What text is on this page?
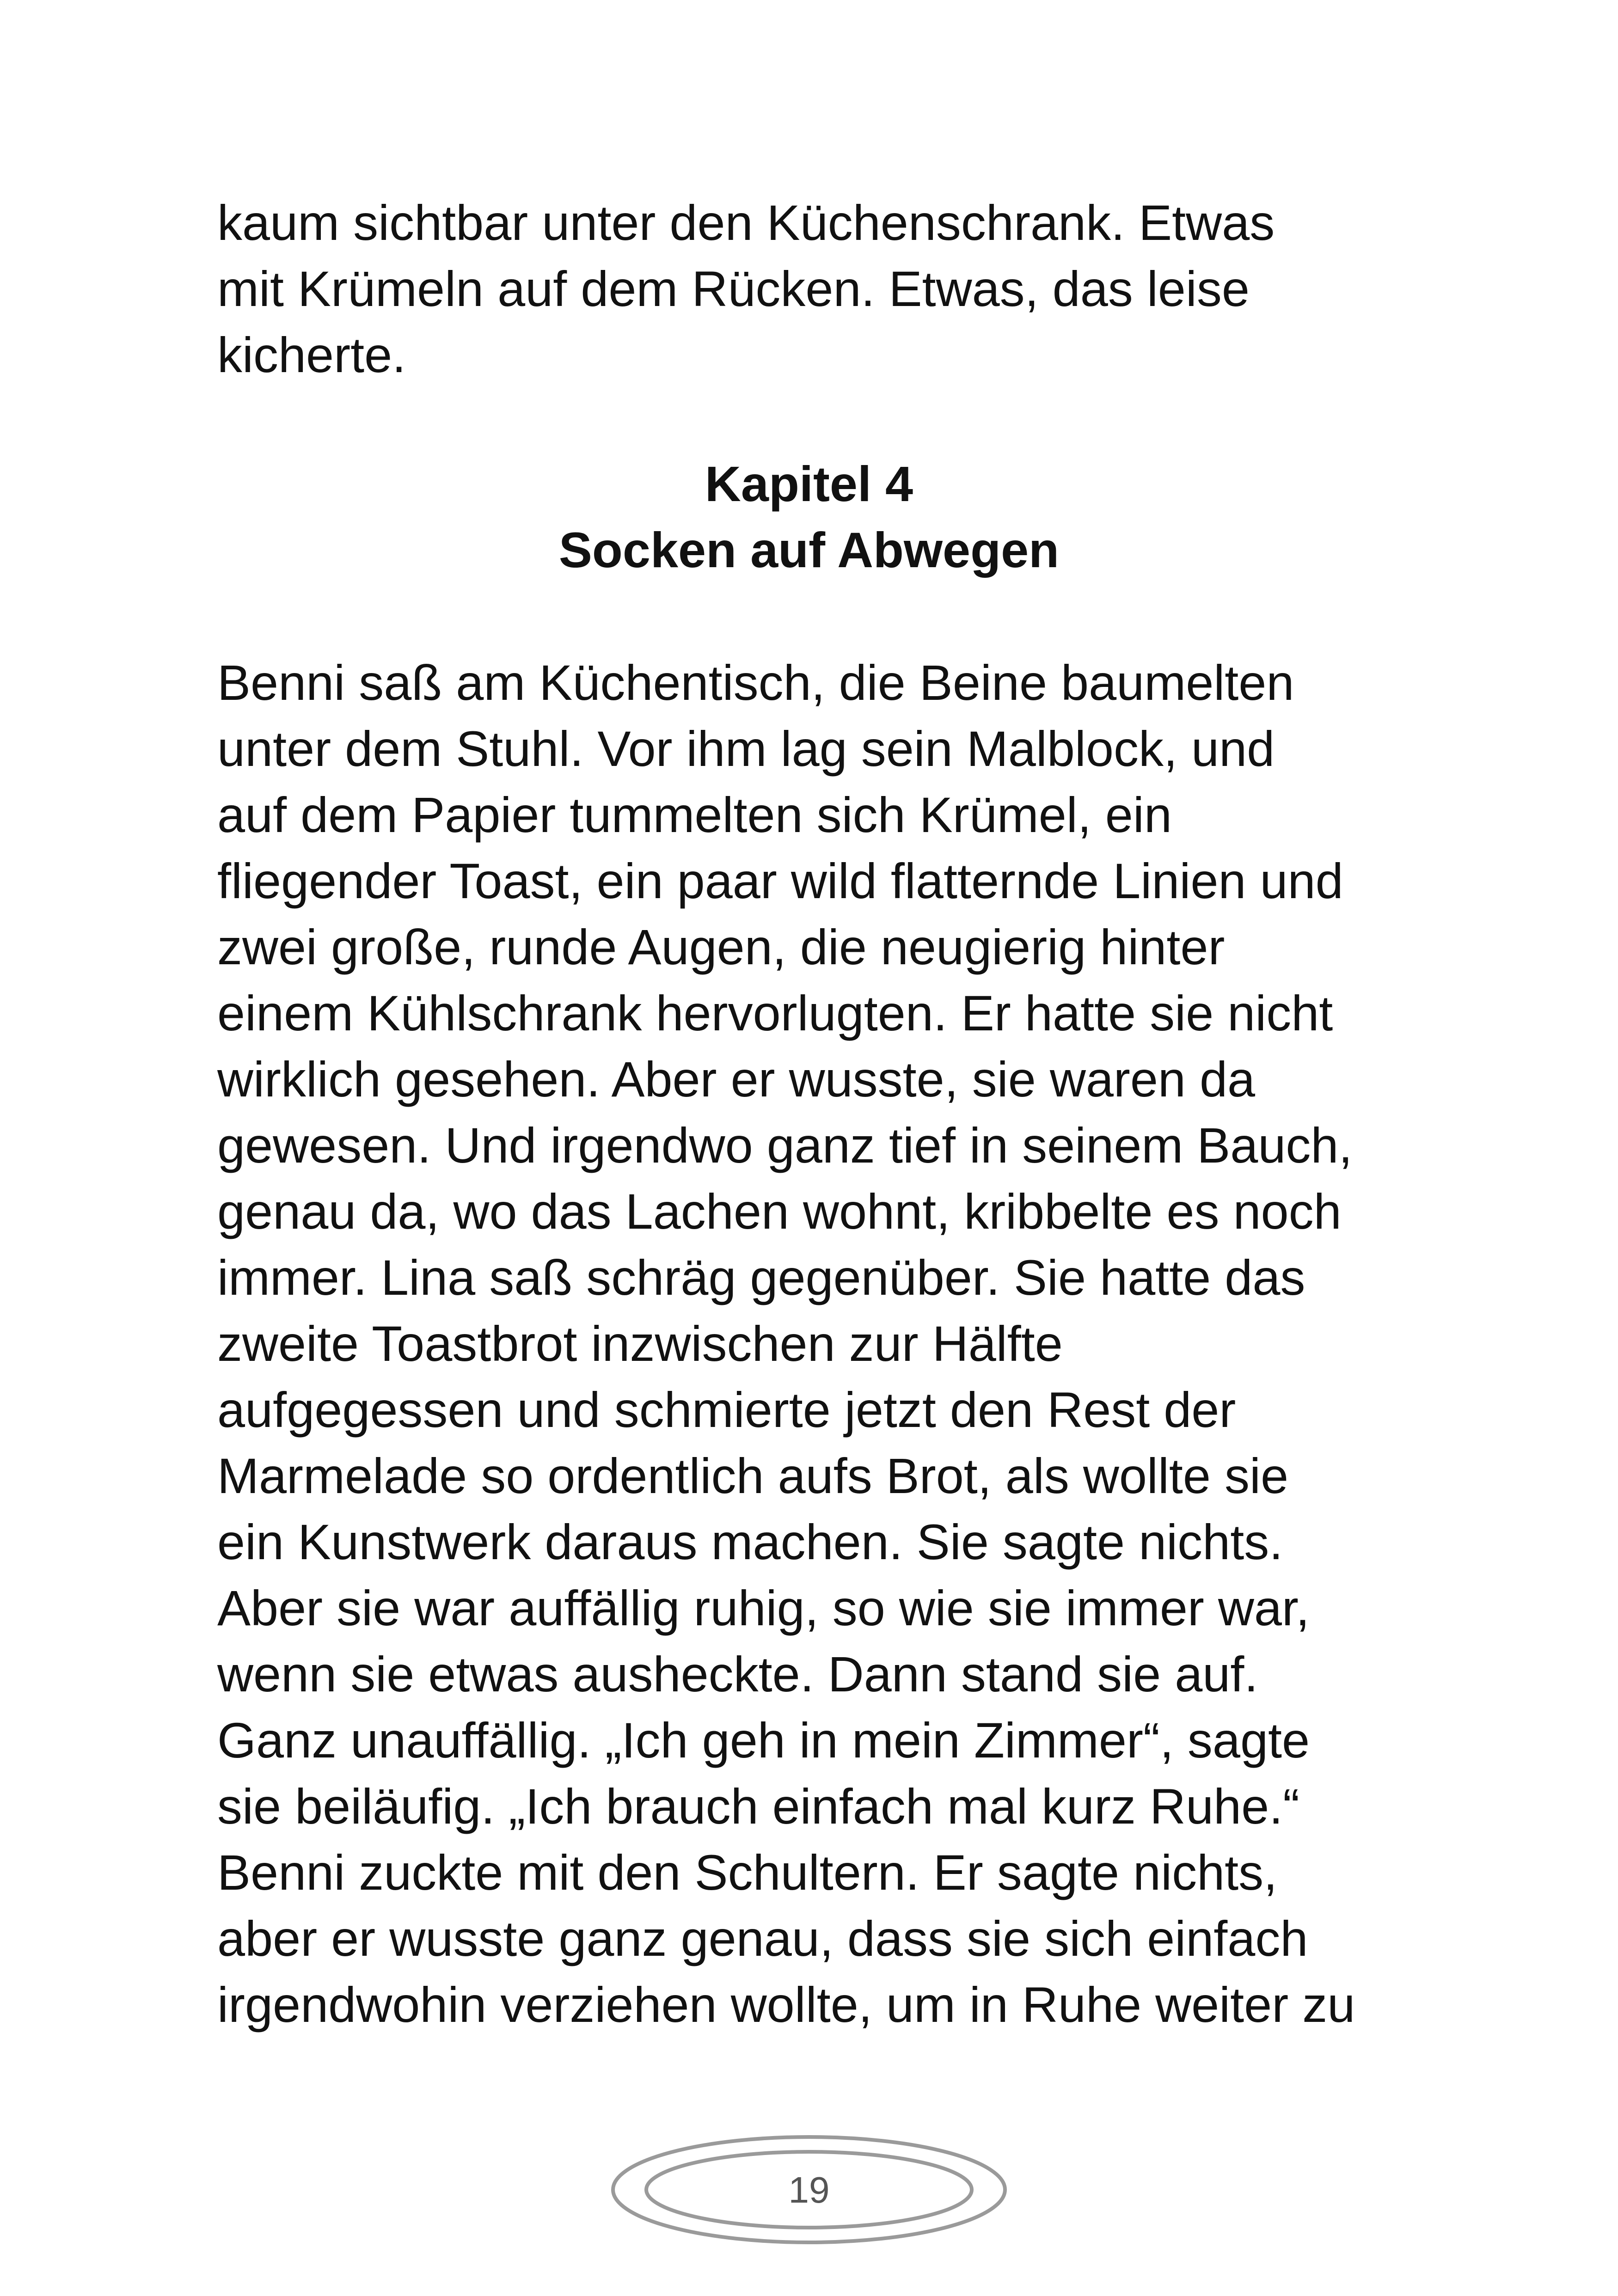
kaum sichtbar unter den Küchenschrank. Etwas
mit Krümeln auf dem Rücken. Etwas, das leise
kicherte.
Kapitel 4
Socken auf Abwegen
Benni saß am Küchentisch, die Beine baumelten
unter dem Stuhl. Vor ihm lag sein Malblock, und
auf dem Papier tummelten sich Krümel, ein
fliegender Toast, ein paar wild flatternde Linien und
zwei große, runde Augen, die neugierig hinter
einem Kühlschrank hervorlugten. Er hatte sie nicht
wirklich gesehen. Aber er wusste, sie waren da
gewesen. Und irgendwo ganz tief in seinem Bauch,
genau da, wo das Lachen wohnt, kribbelte es noch
immer. Lina saß schräg gegenüber. Sie hatte das
zweite Toastbrot inzwischen zur Hälfte
aufgegessen und schmierte jetzt den Rest der
Marmelade so ordentlich aufs Brot, als wollte sie
ein Kunstwerk daraus machen. Sie sagte nichts.
Aber sie war auffällig ruhig, so wie sie immer war,
wenn sie etwas ausheckte. Dann stand sie auf.
Ganz unauffällig. „Ich geh in mein Zimmer“, sagte
sie beiläufig. „Ich brauch einfach mal kurz Ruhe.“
Benni zuckte mit den Schultern. Er sagte nichts,
aber er wusste ganz genau, dass sie sich einfach
irgendwohin verziehen wollte, um in Ruhe weiter zu
19
